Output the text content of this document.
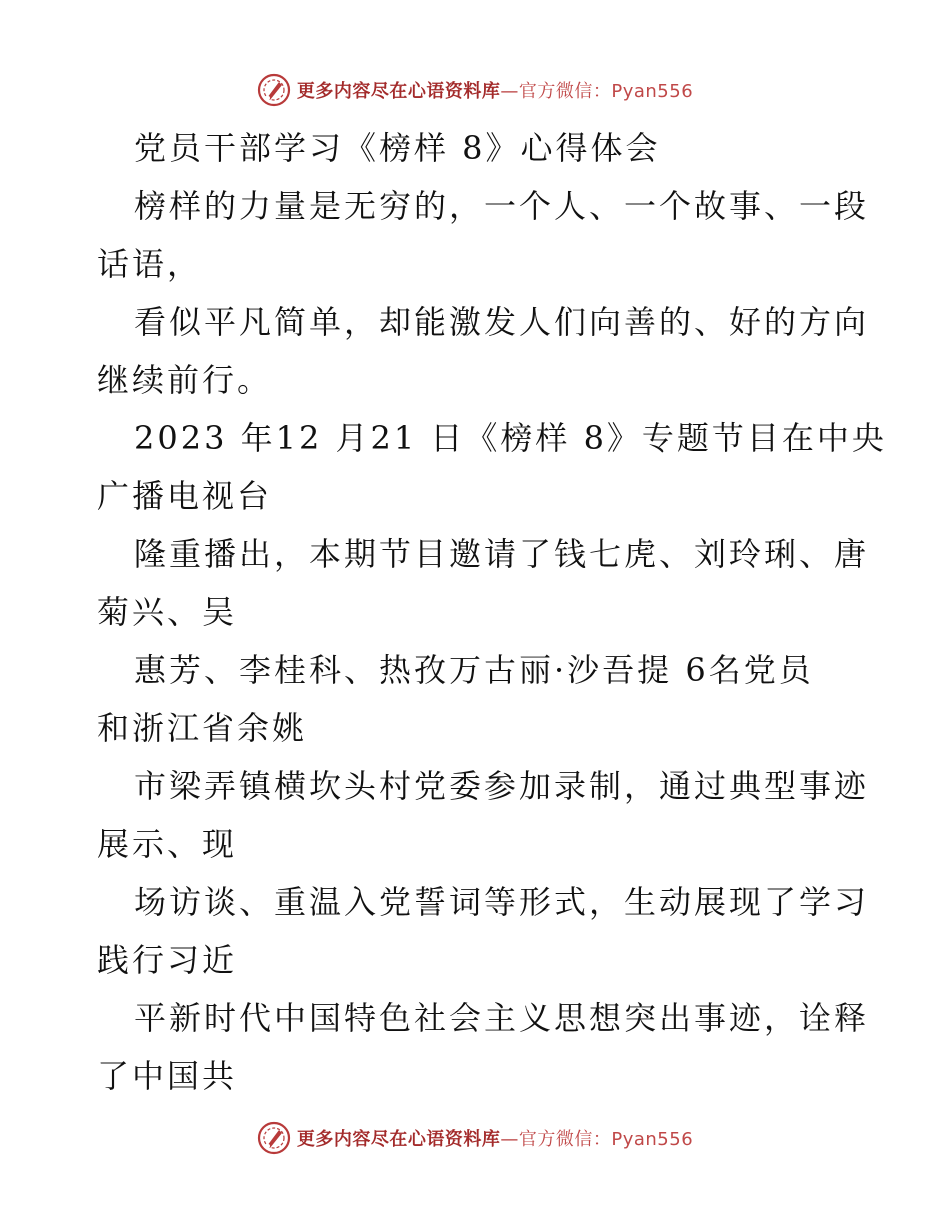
更多内容尽在心语资料库—官方微信：Pyan556
党员干部学习《榜样 8》心得体会
榜样的力量是无穷的，一个人、一个故事、一段
话语，
看似平凡简单，却能激发人们向善的、好的方向
继续前行。
2023 年12 月21 日《榜样 8》专题节目在中央
广播电视台
隆重播出，本期节目邀请了钱七虎、刘玲琍、唐
菊兴、吴
惠芳、李桂科、热孜万古丽·沙吾提 6名党员
和浙江省余姚
市梁弄镇横坎头村党委参加录制，通过典型事迹
展示、现
场访谈、重温入党誓词等形式，生动展现了学习
践行习近
平新时代中国特色社会主义思想突出事迹，诠释
了中国共
更多内容尽在心语资料库—官方微信：Pyan556
